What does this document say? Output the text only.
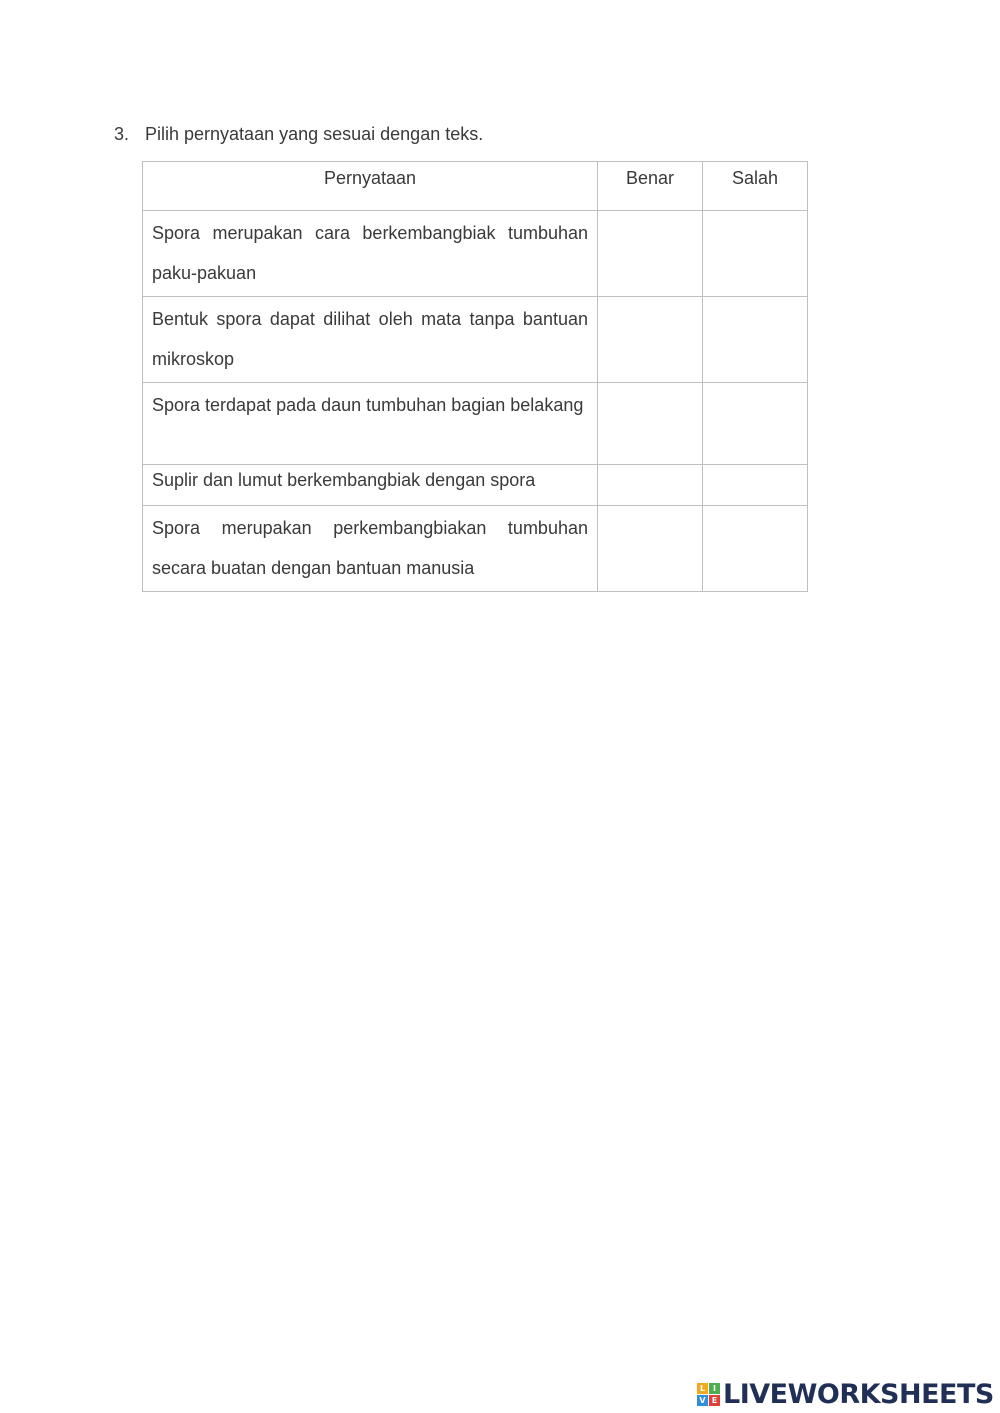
3. Pilih pernyataan yang sesuai dengan teks.
Pernyataan	Benar	Salah
Spora merupakan cara berkembangbiak tumbuhan paku-pakuan		
Bentuk spora dapat dilihat oleh mata tanpa bantuan mikroskop		
Spora terdapat pada daun tumbuhan bagian belakang		
Suplir dan lumut berkembangbiak dengan spora		
Spora merupakan perkembangbiakan tumbuhan secara buatan dengan bantuan manusia		
L I
V E LIVEWORKSHEETS
